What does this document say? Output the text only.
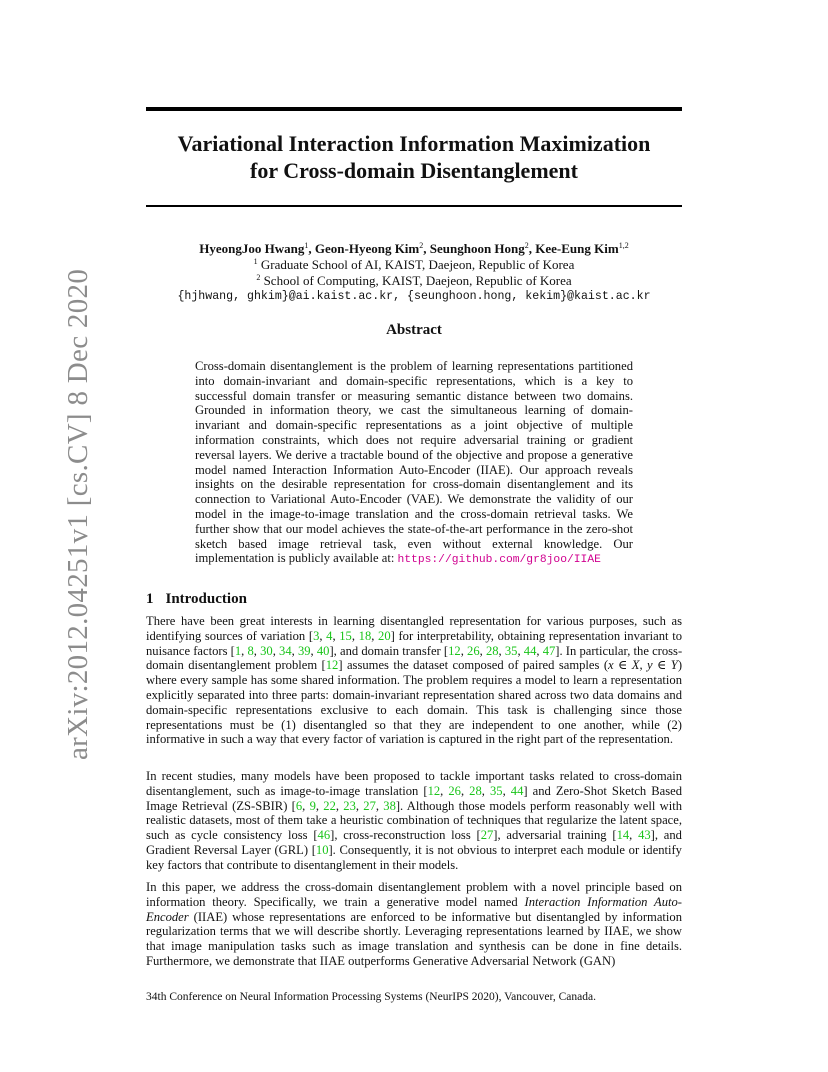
Variational Interaction Information Maximization
for Cross-domain Disentanglement
arXiv:2012.04251v1 [cs.CV] 8 Dec 2020
HyeongJoo Hwang$^1$, Geon-Hyeong Kim$^2$, Seunghoon Hong$^2$, Kee-Eung Kim$^{1,2}$
$^1$ Graduate School of AI, KAIST, Daejeon, Republic of Korea
$^2$ School of Computing, KAIST, Daejeon, Republic of Korea
{hjhwang, ghkim}@ai.kaist.ac.kr, {seunghoon.hong, kekim}@kaist.ac.kr
Abstract

Cross-domain disentanglement is the problem of learning representations partitioned into domain-invariant and domain-specific representations, which is a key to successful domain transfer or measuring semantic distance between two domains. Grounded in information theory, we cast the simultaneous learning of domain-invariant and domain-specific representations as a joint objective of multiple information constraints, which does not require adversarial training or gradient reversal layers. We derive a tractable bound of the objective and propose a generative model named Interaction Information Auto-Encoder (IIAE). Our approach reveals insights on the desirable representation for cross-domain disentanglement and its connection to Variational Auto-Encoder (VAE). We demonstrate the validity of our model in the image-to-image translation and the cross-domain retrieval tasks. We further show that our model achieves the state-of-the-art performance in the zero-shot sketch based image retrieval task, even without external knowledge. Our implementation is publicly available at: https://github.com/gr8joo/IIAE

1 Introduction

There have been great interests in learning disentangled representation for various purposes, such as identifying sources of variation [3, 4, 15, 18, 20] for interpretability, obtaining representation invariant to nuisance factors [1, 8, 30, 34, 39, 40], and domain transfer [12, 26, 28, 35, 44, 47]. In particular, the cross-domain disentanglement problem [12] assumes the dataset composed of paired samples (x ∈ X, y ∈ Y) where every sample has some shared information. The problem requires a model to learn a representation explicitly separated into three parts: domain-invariant representation shared across two data domains and domain-specific representations exclusive to each domain. This task is challenging since those representations must be (1) disentangled so that they are independent to one another, while (2) informative in such a way that every factor of variation is captured in the right part of the representation.

In recent studies, many models have been proposed to tackle important tasks related to cross-domain disentanglement, such as image-to-image translation [12, 26, 28, 35, 44] and Zero-Shot Sketch Based Image Retrieval (ZS-SBIR) [6, 9, 22, 23, 27, 38]. Although those models perform reasonably well with realistic datasets, most of them take a heuristic combination of techniques that regularize the latent space, such as cycle consistency loss [46], cross-reconstruction loss [27], adversarial training [14, 43], and Gradient Reversal Layer (GRL) [10]. Consequently, it is not obvious to interpret each module or identify key factors that contribute to disentanglement in their models.

In this paper, we address the cross-domain disentanglement problem with a novel principle based on information theory. Specifically, we train a generative model named Interaction Information Auto-Encoder (IIAE) whose representations are enforced to be informative but disentangled by information regularization terms that we will describe shortly. Leveraging representations learned by IIAE, we show that image manipulation tasks such as image translation and synthesis can be done in fine details. Furthermore, we demonstrate that IIAE outperforms Generative Adversarial Network (GAN)

34th Conference on Neural Information Processing Systems (NeurIPS 2020), Vancouver, Canada.
